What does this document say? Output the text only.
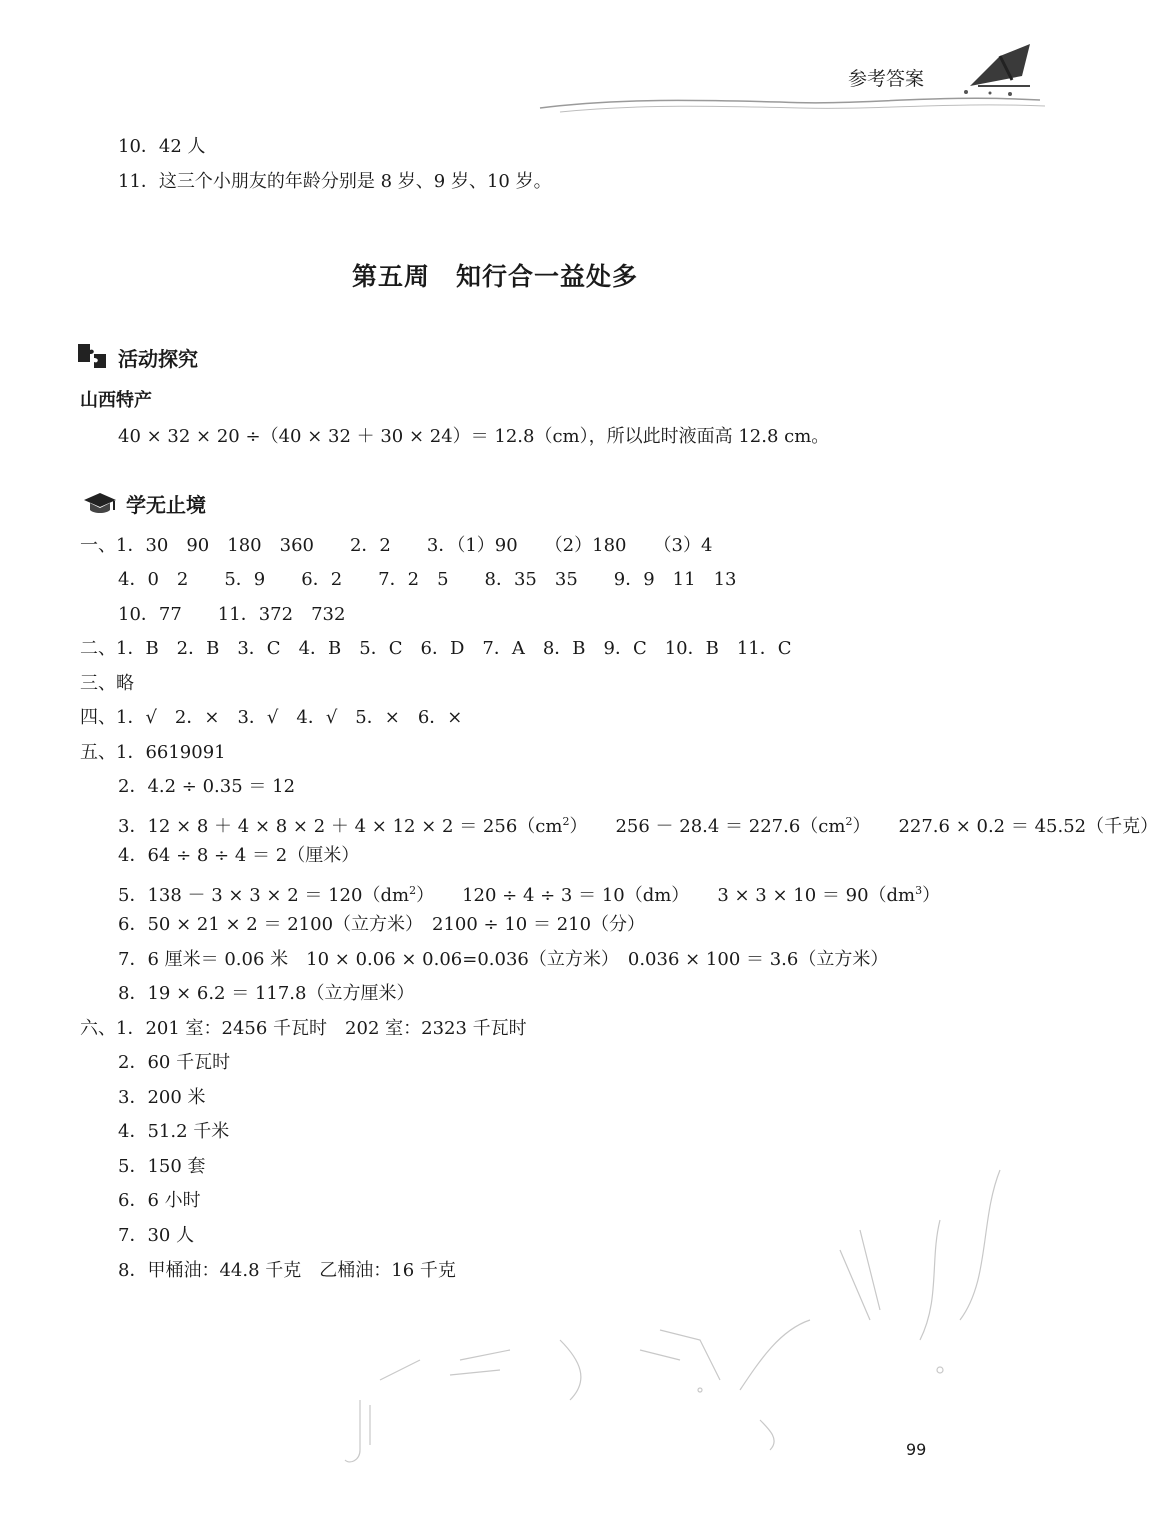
参考答案
10．42 人
11．这三个小朋友的年龄分别是 8 岁、9 岁、10 岁。
第五周　知行合一益处多
活动探究
山西特产
40 × 32 × 20 ÷（40 × 32 ＋ 30 × 24）＝ 12.8（cm），所以此时液面高 12.8 cm。
学无止境
一、1．30　90　180　360　　2．2　　3．（1）90　　（2）180　　（3）4
4．0　2　　5．9　　6．2　　7．2　5　　8．35　35　　9．9　11　13
10．77　　11．372　732
二、1．B　2．B　3．C　4．B　5．C　6．D　7．A　8．B　9．C　10．B　11．C
三、略
四、1．√　2．×　3．√　4．√　5．×　6．×
五、1．6619091
2．4.2 ÷ 0.35 ＝ 12
3．$12 \times 8 + 4 \times 8 \times 2 + 4 \times 12 \times 2 = 256(cm^2) 256 - 28.4 = 227.6(cm^2) 227.6 \times 0.2 = 45.52$（千克）
4．64 ÷ 8 ÷ 4 ＝ 2（厘米）
5．$138 - 3 \times 3 \times 2 = 120(dm^2) 120 \div 4 \div 3 = 10(dm) 3 \times 3 \times 10 = 90(dm^3)$
6．50 × 21 × 2 ＝ 2100（立方米）　2100 ÷ 10 ＝ 210（分）
7．6 厘米＝ 0.06 米　10 × 0.06 × 0.06=0.036（立方米）　0.036 × 100 ＝ 3.6（立方米）
8．19 × 6.2 ＝ 117.8（立方厘米）
六、1．201 室：2456 千瓦时　202 室：2323 千瓦时
2．60 千瓦时
3．200 米
4．51.2 千米
5．150 套
6．6 小时
7．30 人
8．甲桶油：44.8 千克　乙桶油：16 千克
99
